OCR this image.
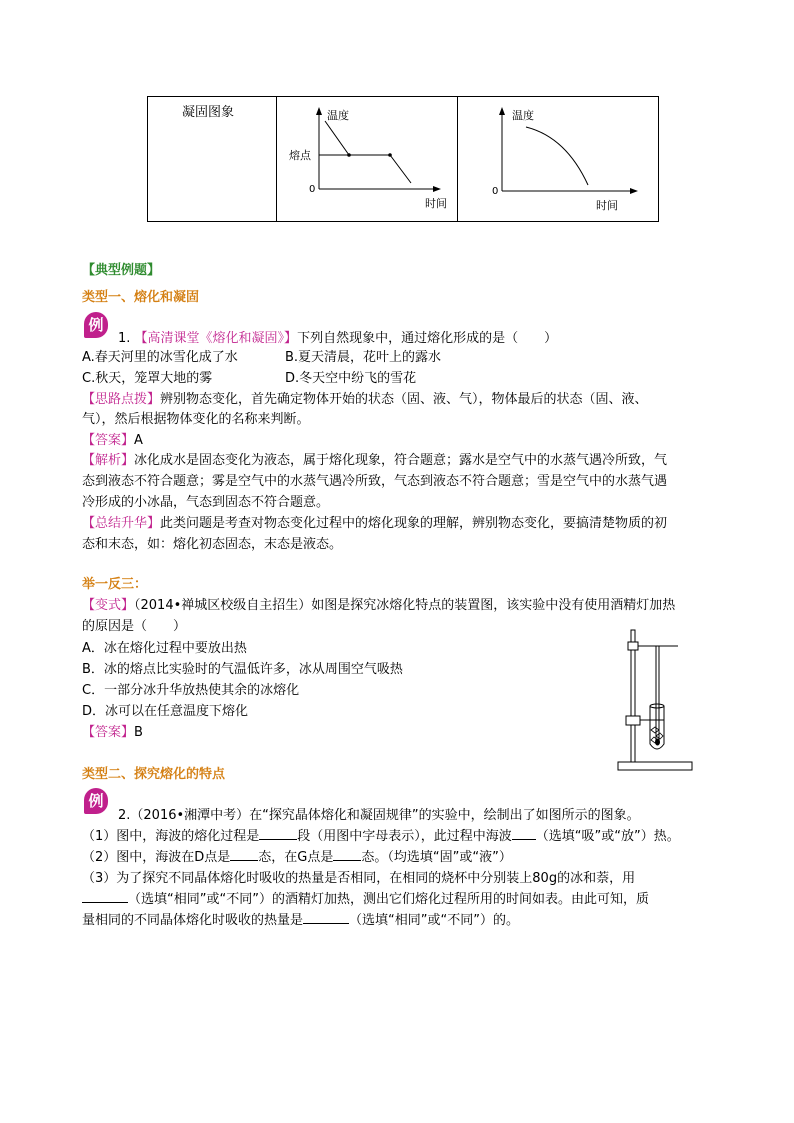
凝固图象	温度
熔点
0
时间

温度
0
时间
【典型例题】
类型一、熔化和凝固
例
1. 【高清课堂《熔化和凝固》】下列自然现象中，通过熔化形成的是（　　）
A.春天河里的冰雪化成了水	B.夏天清晨，花叶上的露水
C.秋天，笼罩大地的雾	D.冬天空中纷飞的雪花
【思路点拨】辨别物态变化，首先确定物体开始的状态（固、液、气），物体最后的状态（固、液、
气），然后根据物体变化的名称来判断。
【答案】A
【解析】冰化成水是固态变化为液态，属于熔化现象，符合题意；露水是空气中的水蒸气遇冷所致，气
态到液态不符合题意；雾是空气中的水蒸气遇冷所致，气态到液态不符合题意；雪是空气中的水蒸气遇
冷形成的小冰晶，气态到固态不符合题意。
【总结升华】此类问题是考查对物态变化过程中的熔化现象的理解，辨别物态变化，要搞清楚物质的初
态和末态，如：熔化初态固态，末态是液态。
举一反三：
【变式】（2014•禅城区校级自主招生）如图是探究冰熔化特点的装置图，该实验中没有使用酒精灯加热
的原因是（　　）
A．冰在熔化过程中要放出热
B．冰的熔点比实验时的气温低许多，冰从周围空气吸热
C．一部分冰升华放热使其余的冰熔化
D．冰可以在任意温度下熔化
【答案】B
类型二、探究熔化的特点
例
2.（2016•湘潭中考）在“探究晶体熔化和凝固规律”的实验中，绘制出了如图所示的图象。
（1）图中，海波的熔化过程是	段（用图中字母表示），此过程中海波 （选填“吸”或“放”）热。
（2）图中，海波在D点是 态，在G点是 态。（均选填“固”或“液”）
（3）为了探究不同晶体熔化时吸收的热量是否相同，在相同的烧杯中分别装上80g的冰和萘，用
（选填“相同”或“不同”）的酒精灯加热，测出它们熔化过程所用的时间如表。由此可知，质
量相同的不同晶体熔化时吸收的热量是	（选填“相同”或“不同”）的。
